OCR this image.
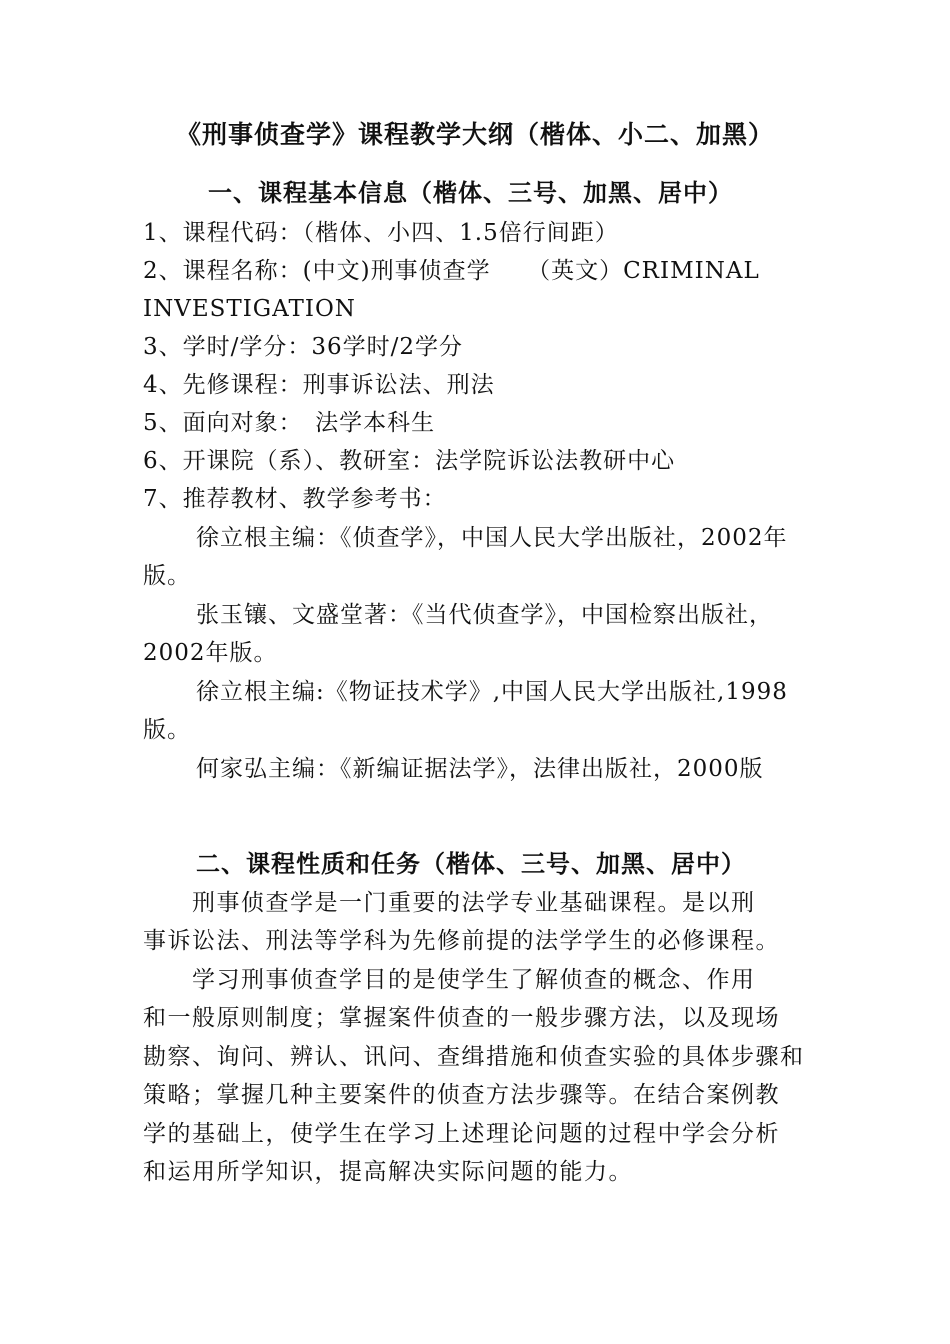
《刑事侦查学》课程教学大纲（楷体、小二、加黑）
一、课程基本信息（楷体、三号、加黑、居中）
1、课程代码：（楷体、小四、1.5倍行间距）
2、课程名称：(中文)刑事侦查学　　（英文）CRIMINAL
INVESTIGATION
3、学时/学分：36学时/2学分
4、先修课程：刑事诉讼法、刑法
5、面向对象：　法学本科生
6、开课院（系）、教研室：法学院诉讼法教研中心
7、推荐教材、教学参考书：
徐立根主编：《侦查学》，中国人民大学出版社，2002年
版。
张玉镶、文盛堂著：《当代侦查学》，中国检察出版社，
2002年版。
徐立根主编:《物证技术学》,中国人民大学出版社,1998
版。
何家弘主编：《新编证据法学》，法律出版社，2000版
二、课程性质和任务（楷体、三号、加黑、居中）
　　刑事侦查学是一门重要的法学专业基础课程。是以刑
事诉讼法、刑法等学科为先修前提的法学学生的必修课程。
　　学习刑事侦查学目的是使学生了解侦查的概念、作用
和一般原则制度；掌握案件侦查的一般步骤方法，以及现场
勘察、询问、辨认、讯问、查缉措施和侦查实验的具体步骤和
策略；掌握几种主要案件的侦查方法步骤等。在结合案例教
学的基础上，使学生在学习上述理论问题的过程中学会分析
和运用所学知识，提高解决实际问题的能力。
